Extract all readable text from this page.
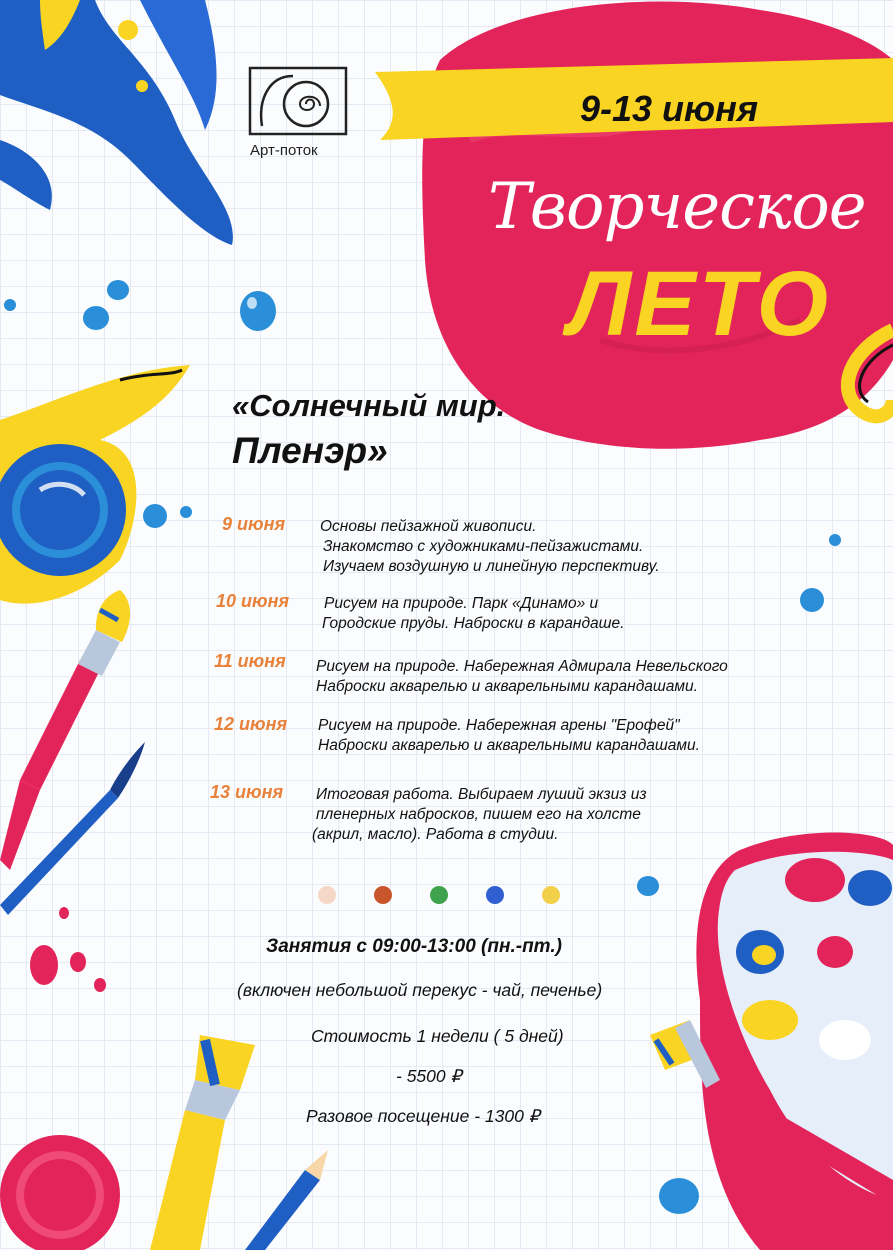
Арт-поток
9-13 июня
Творческое
ЛЕТО
«Солнечный мир.
Пленэр»
9 июня Основы пейзажной живописи.
Знакомство с художниками-пейзажистами.
Изучаем воздушную и линейную перспективу.
10 июня Рисуем на природе. Парк «Динамо» и
Городские пруды. Наброски в карандаше.
11 июня Рисуем на природе. Набережная Адмирала Невельского
Наброски акварелью и акварельными карандашами.
12 июня Рисуем на природе. Набережная арены "Ерофей"
Наброски акварелью и акварельными карандашами.
13 июня Итоговая работа. Выбираем луший экзиз из
пленерных набросков, пишем его на холсте
(акрил, масло). Работа в студии.
Занятия с 09:00-13:00 (пн.-пт.)
(включен небольшой перекус - чай, печенье)
Стоимость 1 недели ( 5 дней)
- 5500 ₽
Разовое посещение - 1300 ₽
